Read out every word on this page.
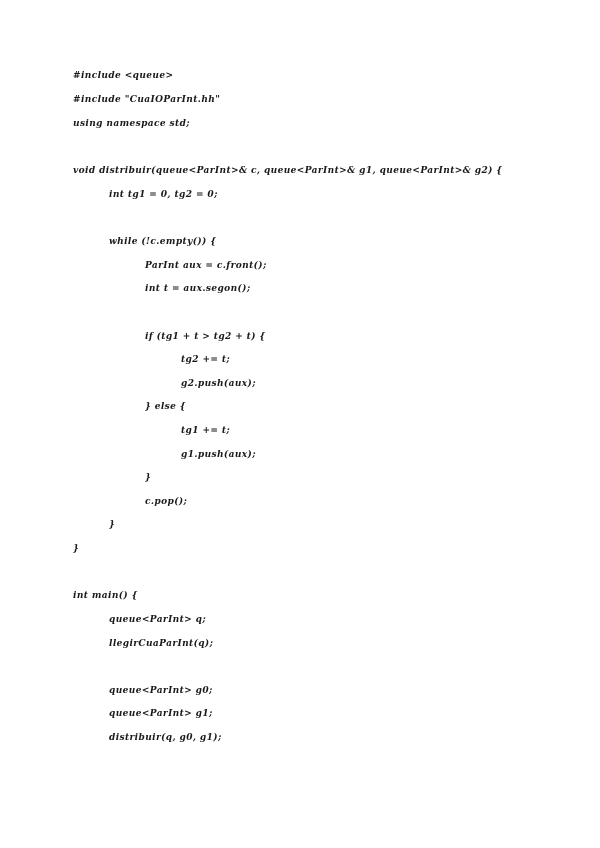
#include <queue>
#include "CuaIOParInt.hh"
using namespace std;
void distribuir(queue<ParInt>& c, queue<ParInt>& g1, queue<ParInt>& g2) {
int tg1 = 0, tg2 = 0;
while (!c.empty()) {
ParInt aux = c.front();
int t = aux.segon();
if (tg1 + t > tg2 + t) {
tg2 += t;
g2.push(aux);
} else {
tg1 += t;
g1.push(aux);
}
c.pop();
}
}
int main() {
queue<ParInt> q;
llegirCuaParInt(q);
queue<ParInt> g0;
queue<ParInt> g1;
distribuir(q, g0, g1);
